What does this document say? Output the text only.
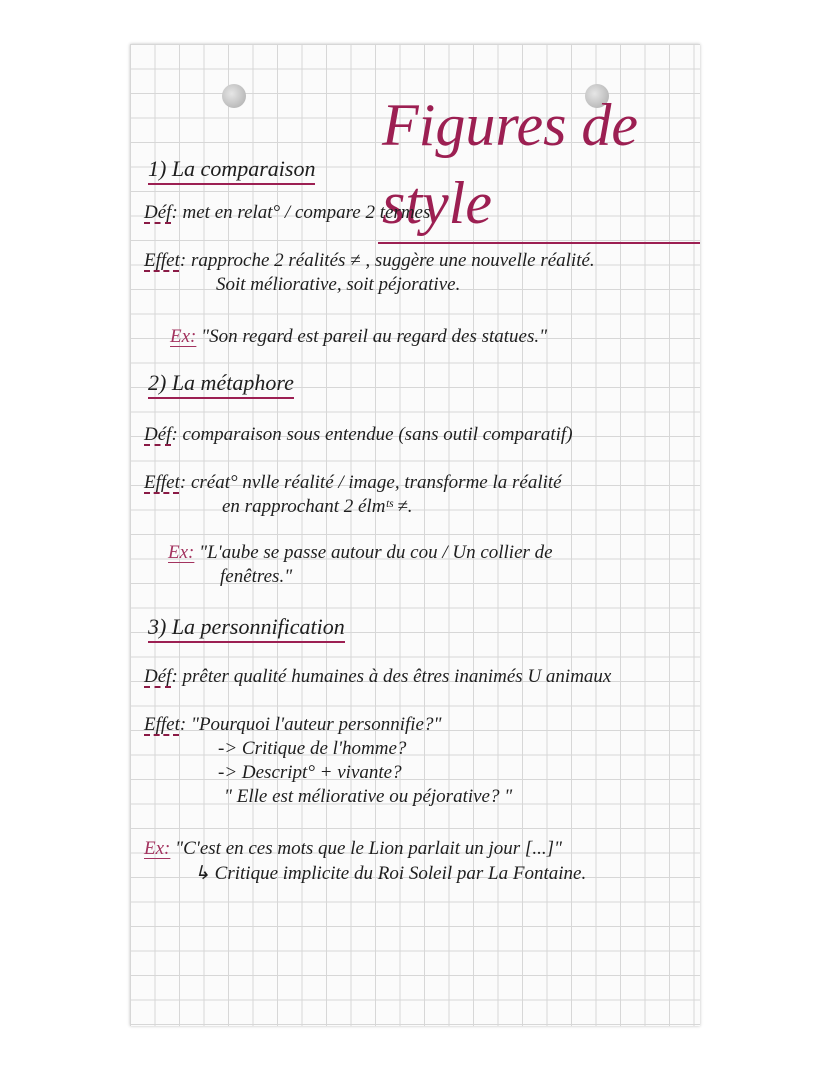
Figures de style
1) La comparaison
Déf: met en relat° / compare 2 termes
Effet: rapproche 2 réalités ≠ , suggère une nouvelle réalité.
Soit méliorative, soit péjorative.
Ex: "Son regard est pareil au regard des statues."
2) La métaphore
Déf: comparaison sous entendue (sans outil comparatif)
Effet: créat° nvlle réalité / image, transforme la réalité
en rapprochant 2 élmᵗˢ ≠.
Ex: "L'aube se passe autour du cou / Un collier de
fenêtres."
3) La personnification
Déf: prêter qualité humaines à des êtres inanimés U animaux
Effet: "Pourquoi l'auteur personnifie?"
-> Critique de l'homme?
-> Descript° + vivante?
" Elle est méliorative ou péjorative? "
Ex: "C'est en ces mots que le Lion parlait un jour [...]"
↳ Critique implicite du Roi Soleil par La Fontaine.
